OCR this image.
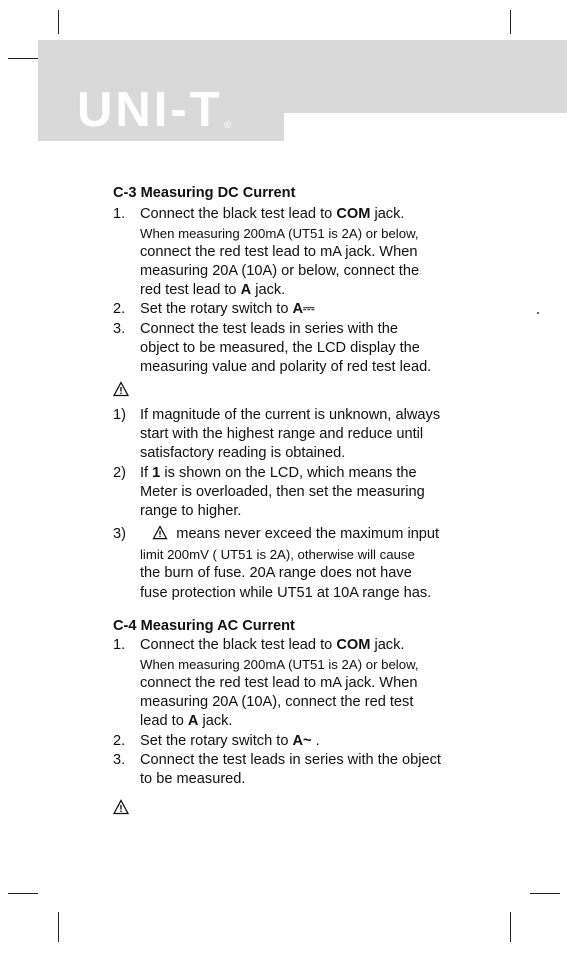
UNI-T ®
C-3 Measuring DC Current
1. Connect the black test lead to COM jack.
When measuring 200mA (UT51 is 2A) or below,
connect the red test lead to mA jack. When
measuring 20A (10A) or below, connect the
red test lead to A jack.
2. Set the rotary switch to A⎓
3. Connect the test leads in series with the
object to be measured, the LCD display the
measuring value and polarity of red test lead.
1) If magnitude of the current is unknown, always
start with the highest range and reduce until
satisfactory reading is obtained.
2) If 1 is shown on the LCD, which means the
Meter is overloaded, then set the measuring
range to higher.
3)	means never exceed the maximum input
limit 200mV ( UT51 is 2A), otherwise will cause
the burn of fuse. 20A range does not have
fuse protection while UT51 at 10A range has.
C-4 Measuring AC Current
1. Connect the black test lead to COM jack.
When measuring 200mA (UT51 is 2A) or below,
connect the red test lead to mA jack. When
measuring 20A (10A), connect the red test
lead to A jack.
2. Set the rotary switch to A~ .
3. Connect the test leads in series with the object
to be measured.
